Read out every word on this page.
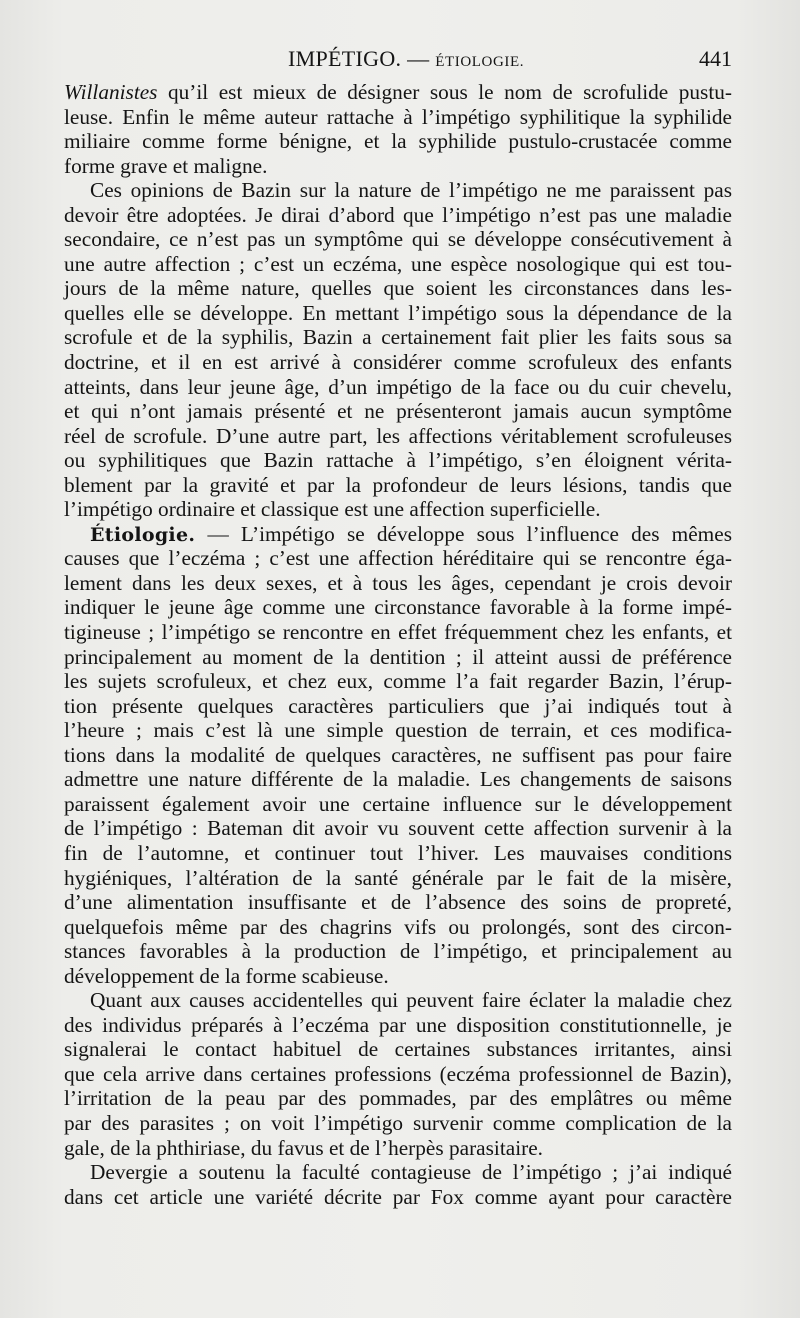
IMPÉTIGO. — ÉTIOLOGIE.	441
Willanistes qu’il est mieux de désigner sous le nom de scrofulide pustu-
leuse. Enfin le même auteur rattache à l’impétigo syphilitique la syphilide
miliaire comme forme bénigne, et la syphilide pustulo-crustacée comme
forme grave et maligne.
Ces opinions de Bazin sur la nature de l’impétigo ne me paraissent pas
devoir être adoptées. Je dirai d’abord que l’impétigo n’est pas une maladie
secondaire, ce n’est pas un symptôme qui se développe consécutivement à
une autre affection ; c’est un eczéma, une espèce nosologique qui est tou-
jours de la même nature, quelles que soient les circonstances dans les-
quelles elle se développe. En mettant l’impétigo sous la dépendance de la
scrofule et de la syphilis, Bazin a certainement fait plier les faits sous sa
doctrine, et il en est arrivé à considérer comme scrofuleux des enfants
atteints, dans leur jeune âge, d’un impétigo de la face ou du cuir chevelu,
et qui n’ont jamais présenté et ne présenteront jamais aucun symptôme
réel de scrofule. D’une autre part, les affections véritablement scrofuleuses
ou syphilitiques que Bazin rattache à l’impétigo, s’en éloignent vérita-
blement par la gravité et par la profondeur de leurs lésions, tandis que
l’impétigo ordinaire et classique est une affection superficielle.
Étiologie. — L’impétigo se développe sous l’influence des mêmes
causes que l’eczéma ; c’est une affection héréditaire qui se rencontre éga-
lement dans les deux sexes, et à tous les âges, cependant je crois devoir
indiquer le jeune âge comme une circonstance favorable à la forme impé-
tigineuse ; l’impétigo se rencontre en effet fréquemment chez les enfants, et
principalement au moment de la dentition ; il atteint aussi de préférence
les sujets scrofuleux, et chez eux, comme l’a fait regarder Bazin, l’érup-
tion présente quelques caractères particuliers que j’ai indiqués tout à
l’heure ; mais c’est là une simple question de terrain, et ces modifica-
tions dans la modalité de quelques caractères, ne suffisent pas pour faire
admettre une nature différente de la maladie. Les changements de saisons
paraissent également avoir une certaine influence sur le développement
de l’impétigo : Bateman dit avoir vu souvent cette affection survenir à la
fin de l’automne, et continuer tout l’hiver. Les mauvaises conditions
hygiéniques, l’altération de la santé générale par le fait de la misère,
d’une alimentation insuffisante et de l’absence des soins de propreté,
quelquefois même par des chagrins vifs ou prolongés, sont des circon-
stances favorables à la production de l’impétigo, et principalement au
développement de la forme scabieuse.
Quant aux causes accidentelles qui peuvent faire éclater la maladie chez
des individus préparés à l’eczéma par une disposition constitutionnelle, je
signalerai le contact habituel de certaines substances irritantes, ainsi
que cela arrive dans certaines professions (eczéma professionnel de Bazin),
l’irritation de la peau par des pommades, par des emplâtres ou même
par des parasites ; on voit l’impétigo survenir comme complication de la
gale, de la phthiriase, du favus et de l’herpès parasitaire.
Devergie a soutenu la faculté contagieuse de l’impétigo ; j’ai indiqué
dans cet article une variété décrite par Fox comme ayant pour caractère
